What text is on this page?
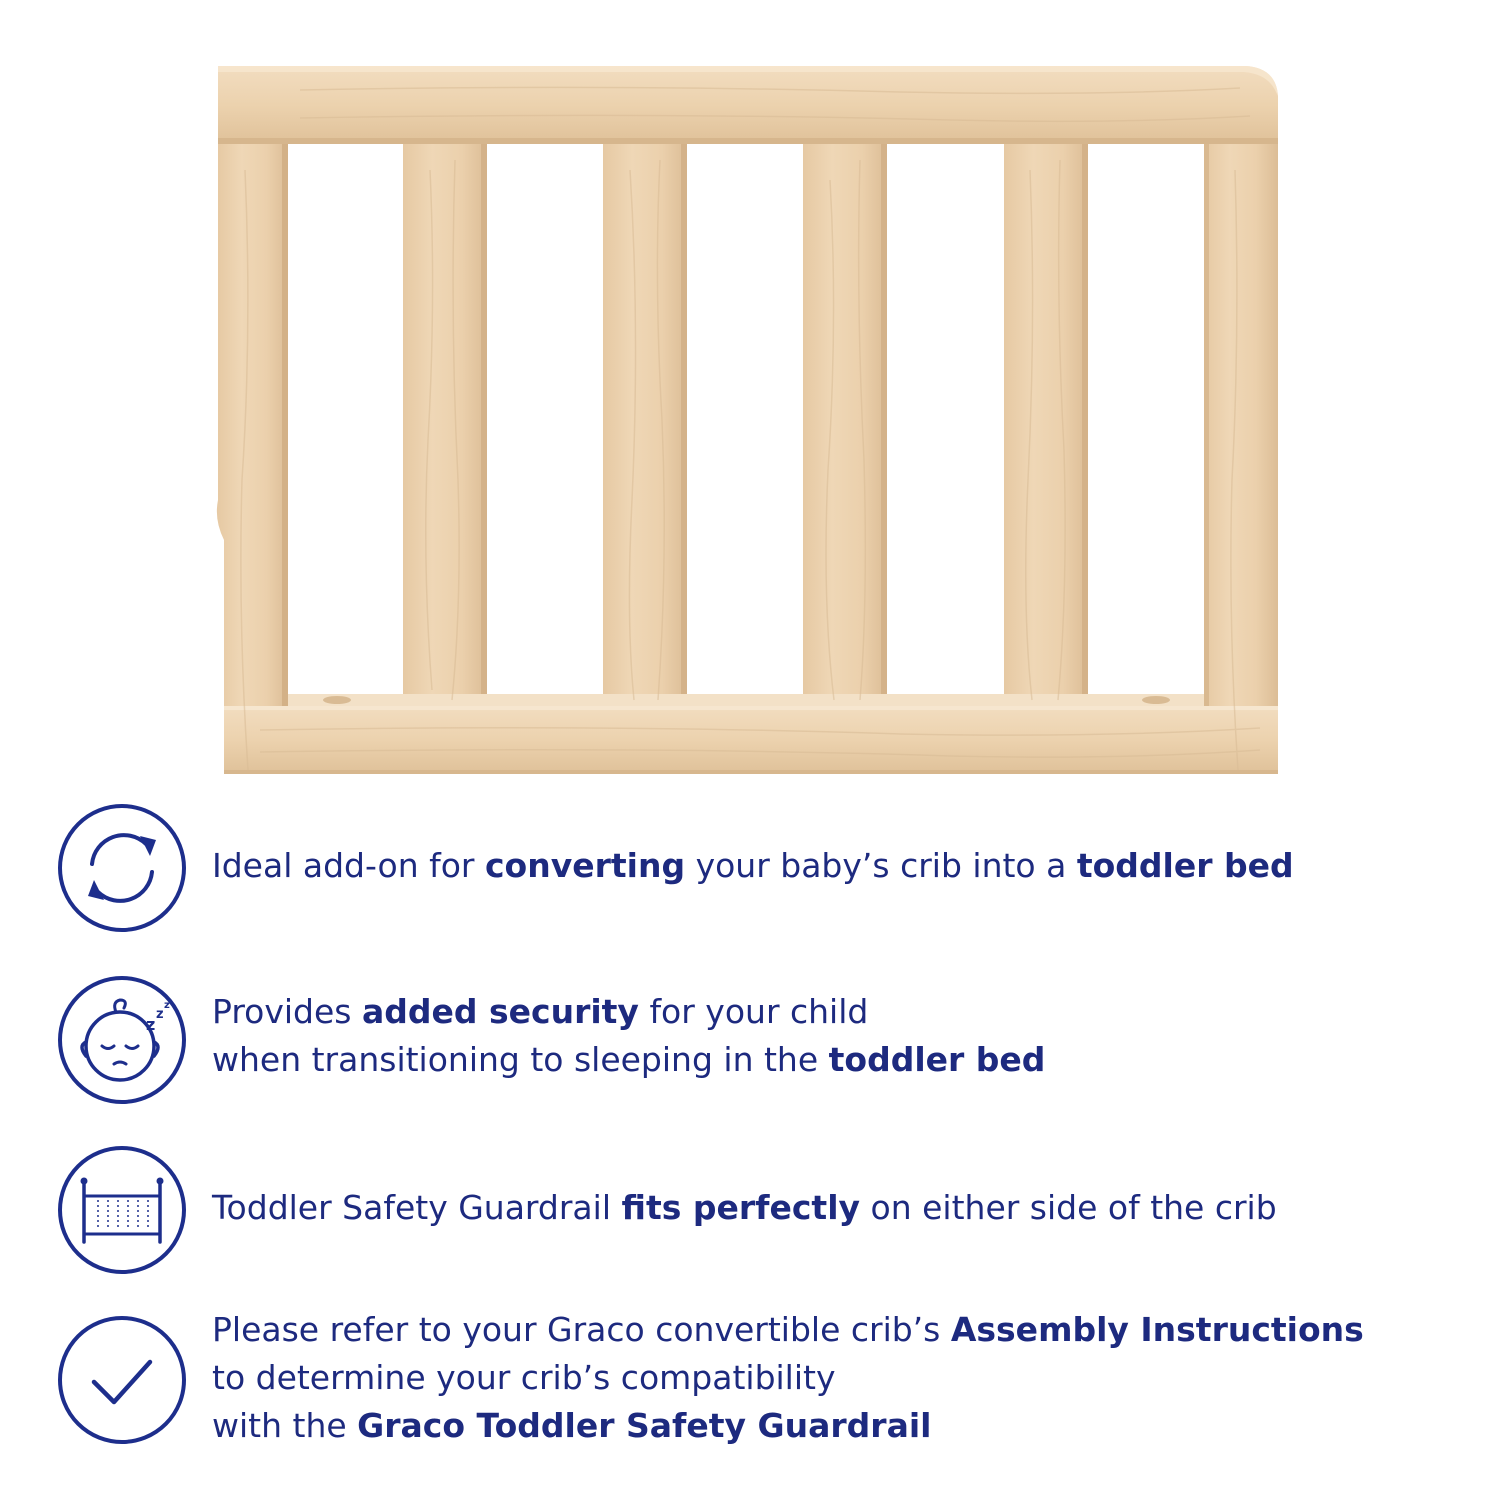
Ideal add-on for converting your baby’s crib into a toddler bed
z
z
z Provides added security for your child
when transitioning to sleeping in the toddler bed
Toddler Safety Guardrail fits perfectly on either side of the crib
Please refer to your Graco convertible crib’s Assembly Instructions
to determine your crib’s compatibility
with the Graco Toddler Safety Guardrail
